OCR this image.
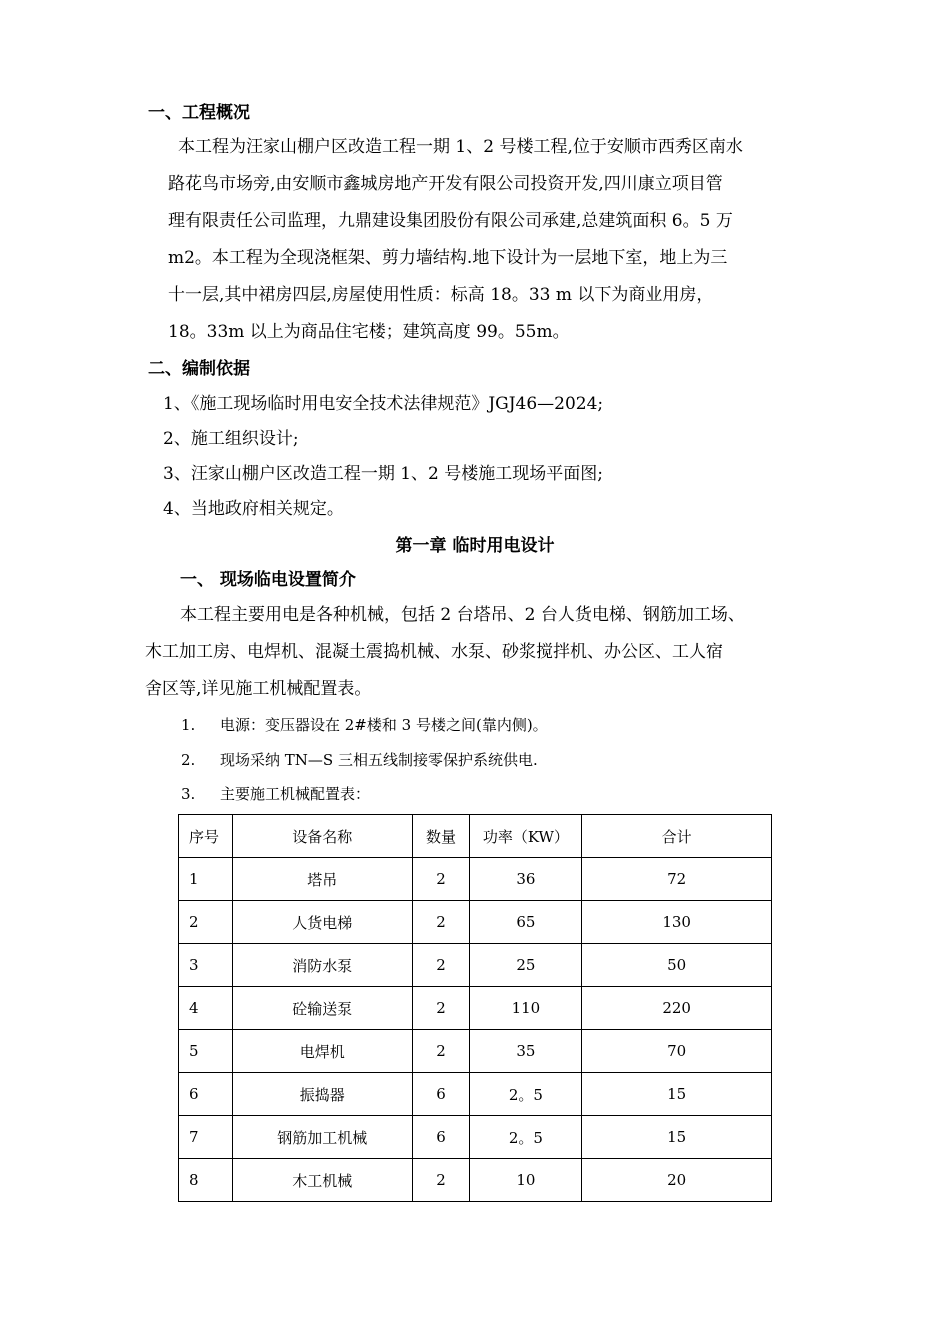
一、工程概况
本工程为汪家山棚户区改造工程一期 1、2 号楼工程,位于安顺市西秀区南水
路花鸟市场旁,由安顺市鑫城房地产开发有限公司投资开发,四川康立项目管
理有限责任公司监理，九鼎建设集团股份有限公司承建,总建筑面积 6。5 万
m2。本工程为全现浇框架、剪力墙结构.地下设计为一层地下室，地上为三
十一层,其中裙房四层,房屋使用性质：标高 18。33 m 以下为商业用房，
18。33m 以上为商品住宅楼；建筑高度 99。55m。
二、编制依据
1、《施工现场临时用电安全技术法律规范》JGJ46—2024;
2、施工组织设计;
3、汪家山棚户区改造工程一期 1、2 号楼施工现场平面图;
4、当地政府相关规定。
第一章 临时用电设计
一、 现场临电设置简介
本工程主要用电是各种机械，包括 2 台塔吊、2 台人货电梯、钢筋加工场、
木工加工房、电焊机、混凝土震捣机械、水泵、砂浆搅拌机、办公区、工人宿
舍区等,详见施工机械配置表。
1. 电源：变压器设在 2#楼和 3 号楼之间(靠内侧)。
2. 现场采纳 TN—S 三相五线制接零保护系统供电.
3. 主要施工机械配置表：
序号	设备名称	数量	功率（KW）	合计
1	塔吊	2	36	72
2	人货电梯	2	65	130
3	消防水泵	2	25	50
4	砼输送泵	2	110	220
5	电焊机	2	35	70
6	振捣器	6	2。5	15
7	钢筋加工机械	6	2。5	15
8	木工机械	2	10	20
